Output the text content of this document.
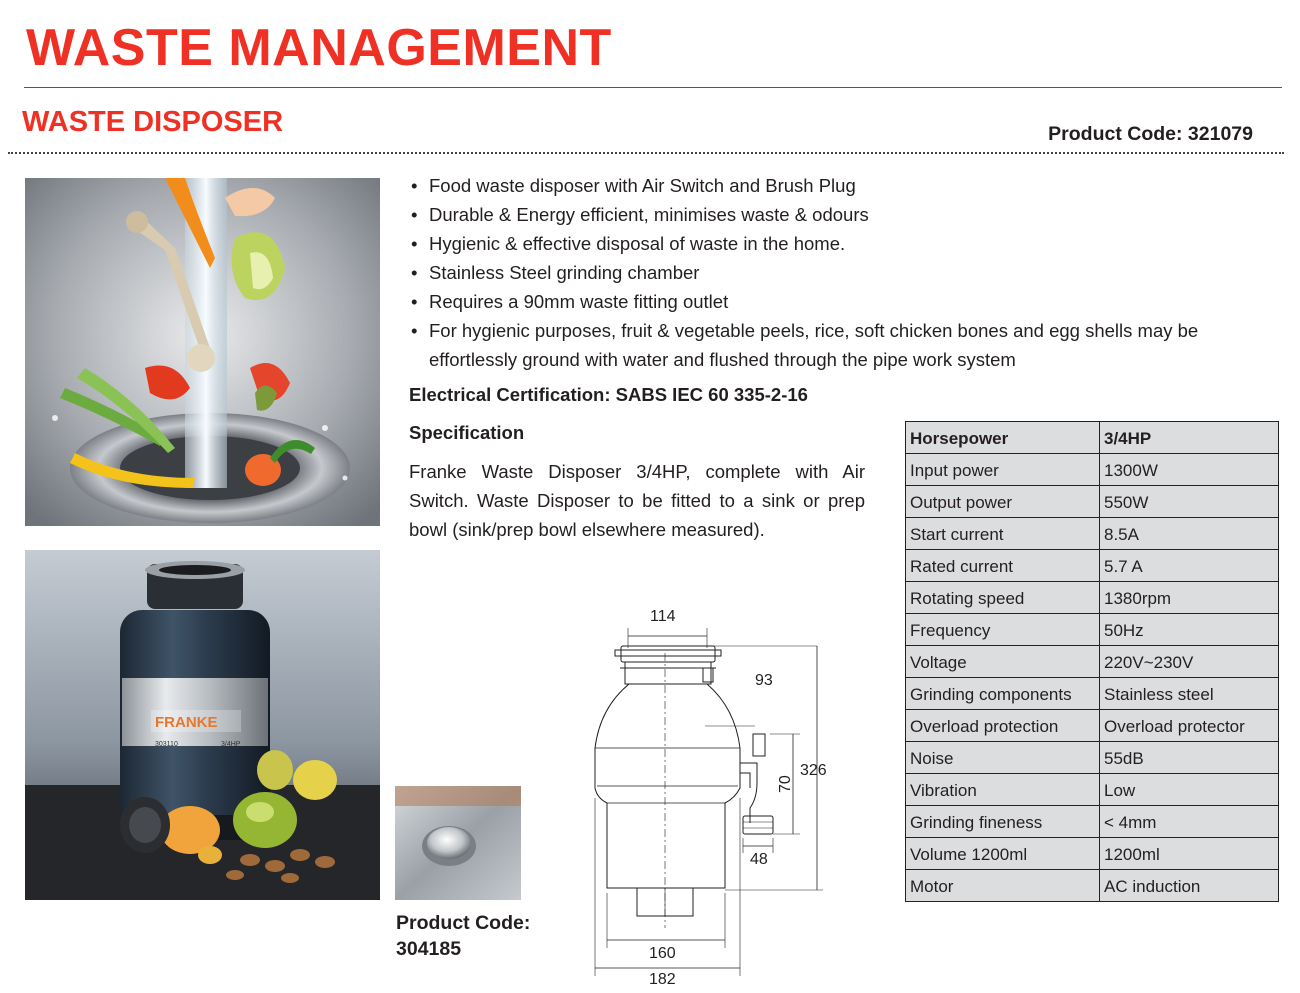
WASTE MANAGEMENT
WASTE DISPOSER	Product Code: 321079
FRANKE
303110	3/4HP
• Food waste disposer with Air Switch and Brush Plug
• Durable & Energy efficient, minimises waste & odours
• Hygienic & effective disposal of waste in the home.
• Stainless Steel grinding chamber
• Requires a 90mm waste fitting outlet
• For hygienic purposes, fruit & vegetable peels, rice, soft chicken bones and egg shells may be effortlessly ground with water and flushed through the pipe work system
Electrical Certification: SABS IEC 60 335-2-16
Specification
Franke Waste Disposer 3/4HP, complete with Air Switch. Waste Disposer to be fitted to a sink or prep bowl (sink/prep bowl elsewhere measured).
Horsepower	3/4HP
Input power	1300W
Output power	550W
Start current	8.5A
Rated current	5.7 A
Rotating speed	1380rpm
Frequency	50Hz
Voltage	220V~230V
Grinding components	Stainless steel
Overload protection	Overload protector
Noise	55dB
Vibration	Low
Grinding fineness	< 4mm
Volume 1200ml	1200ml
Motor	AC induction
Product Code:
304185
114
93
326
70
48
160
182
